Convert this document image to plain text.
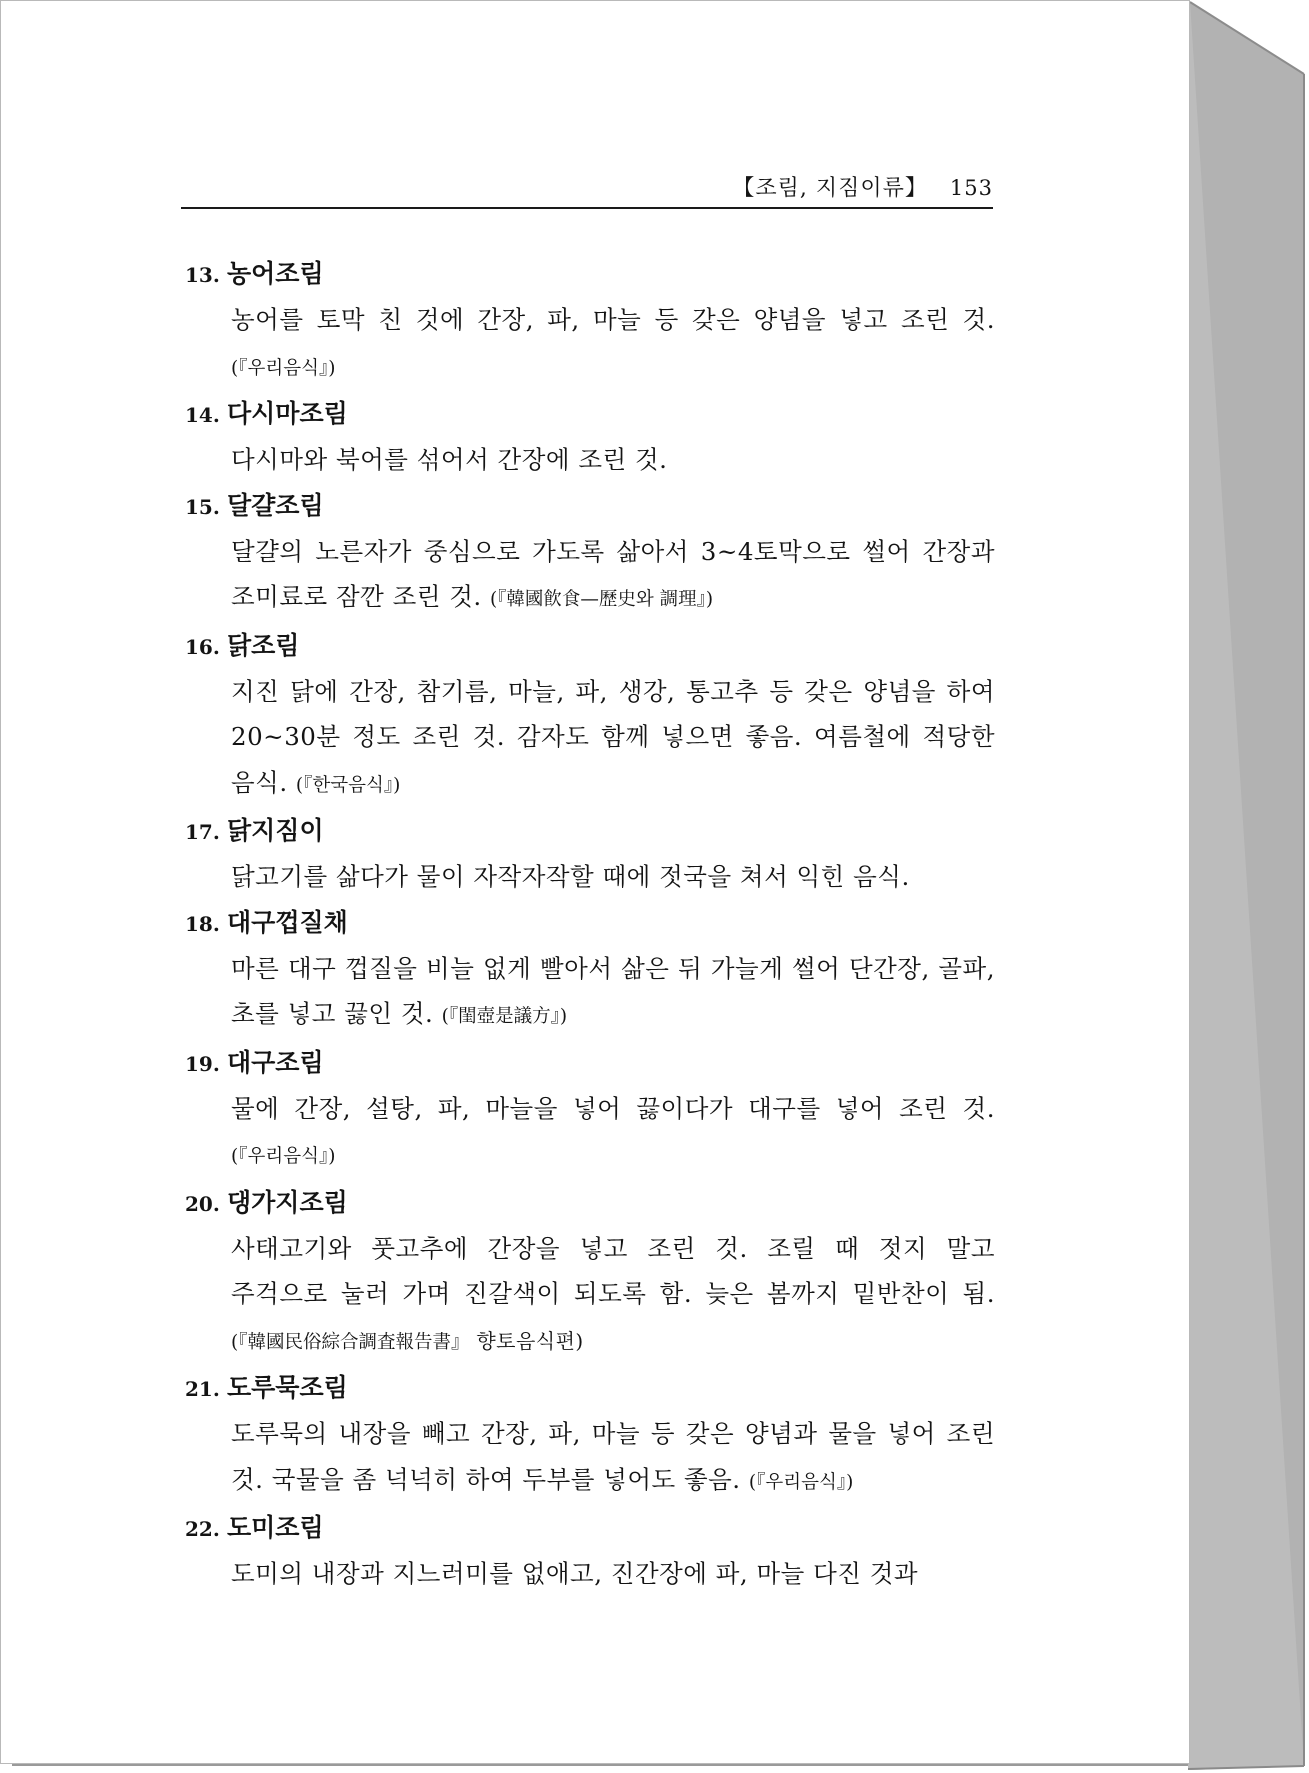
【조림, 지짐이류】 153
13. 농어조림

농어를 토막 친 것에 간장, 파, 마늘 등 갖은 양념을 넣고 조린 것. (『우리음식』)

14. 다시마조림

다시마와 북어를 섞어서 간장에 조린 것.

15. 달걀조림

달걀의 노른자가 중심으로 가도록 삶아서 3~4토막으로 썰어 간장과 조미료로 잠깐 조린 것. (『韓國飮食—歷史와 調理』)

16. 닭조림

지진 닭에 간장, 참기름, 마늘, 파, 생강, 통고추 등 갖은 양념을 하여 20~30분 정도 조린 것. 감자도 함께 넣으면 좋음. 여름철에 적당한 음식. (『한국음식』)

17. 닭지짐이

닭고기를 삶다가 물이 자작자작할 때에 젓국을 쳐서 익힌 음식.

18. 대구껍질채

마른 대구 껍질을 비늘 없게 빨아서 삶은 뒤 가늘게 썰어 단간장, 골파, 초를 넣고 끓인 것. (『閨壺是議方』)

19. 대구조림

물에 간장, 설탕, 파, 마늘을 넣어 끓이다가 대구를 넣어 조린 것. (『우리음식』)

20. 댕가지조림

사태고기와 풋고추에 간장을 넣고 조린 것. 조릴 때 젓지 말고 주걱으로 눌러 가며 진갈색이 되도록 함. 늦은 봄까지 밑반찬이 됨. (『韓國民俗綜合調査報告書』 향토음식편)

21. 도루묵조림

도루묵의 내장을 빼고 간장, 파, 마늘 등 갖은 양념과 물을 넣어 조린 것. 국물을 좀 넉넉히 하여 두부를 넣어도 좋음. (『우리음식』)

22. 도미조림

도미의 내장과 지느러미를 없애고, 진간장에 파, 마늘 다진 것과
